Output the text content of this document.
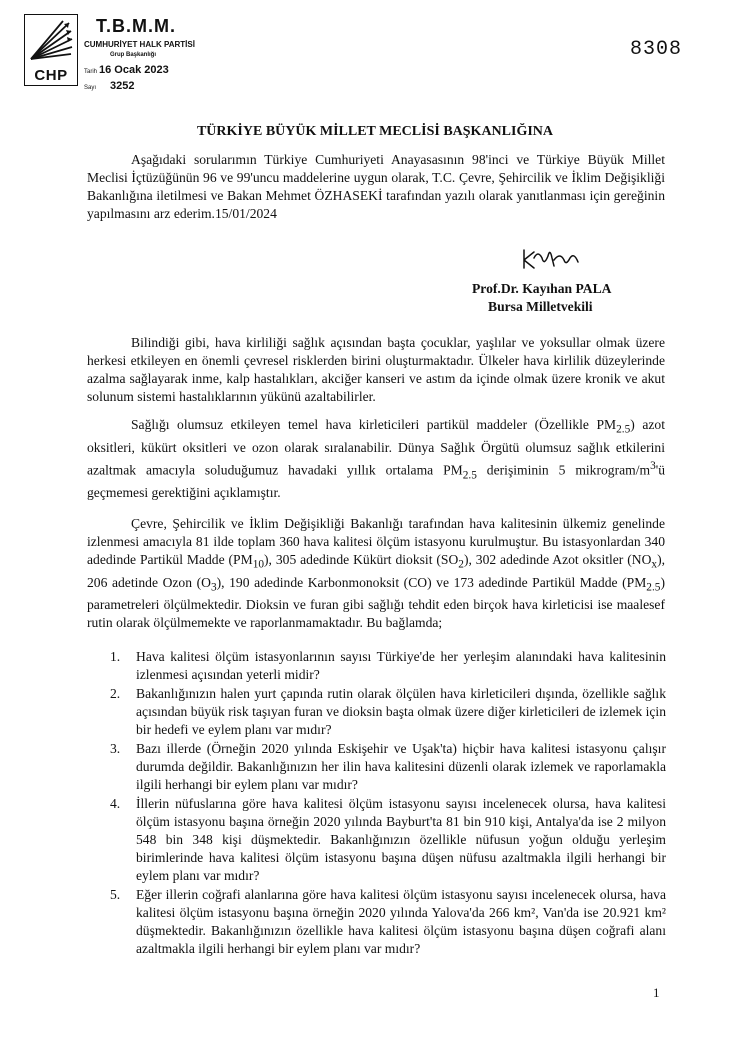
CHP
T.B.M.M.
CUMHURİYET HALK PARTİSİ
Grup Başkanlığı
Tarih 16 Ocak 2023
Sayı 3252
8308
TÜRKİYE BÜYÜK MİLLET MECLİSİ BAŞKANLIĞINA
Aşağıdaki sorularımın Türkiye Cumhuriyeti Anayasasının 98'inci ve Türkiye Büyük Millet Meclisi İçtüzüğünün 96 ve 99'uncu maddelerine uygun olarak, T.C. Çevre, Şehircilik ve İklim Değişikliği Bakanlığına iletilmesi ve Bakan Mehmet ÖZHASEKİ tarafından yazılı olarak yanıtlanması için gereğinin yapılmasını arz ederim.15/01/2024
Prof.Dr. Kayıhan PALA
Bursa Milletvekili
Bilindiği gibi, hava kirliliği sağlık açısından başta çocuklar, yaşlılar ve yoksullar olmak üzere herkesi etkileyen en önemli çevresel risklerden birini oluşturmaktadır. Ülkeler hava kirlilik düzeylerinde azalma sağlayarak inme, kalp hastalıkları, akciğer kanseri ve astım da içinde olmak üzere kronik ve akut solunum sistemi hastalıklarının yükünü azaltabilirler.
Sağlığı olumsuz etkileyen temel hava kirleticileri partikül maddeler (Özellikle $PM_{2.5}$) azot oksitleri, kükürt oksitleri ve ozon olarak sıralanabilir. Dünya Sağlık Örgütü olumsuz sağlık etkilerini azaltmak amacıyla soluduğumuz havadaki yıllık ortalama $PM_{2.5}$ derişiminin 5 mikrogram/$m^3'ü$ geçmemesi gerektiğini açıklamıştır.
Çevre, Şehircilik ve İklim Değişikliği Bakanlığı tarafından hava kalitesinin ülkemiz genelinde izlenmesi amacıyla 81 ilde toplam 360 hava kalitesi ölçüm istasyonu kurulmuştur. Bu istasyonlardan 340 adedinde Partikül Madde $(PM_{10})$, 305 adedinde Kükürt dioksit $(SO_2)$, 302 adedinde Azot oksitler $(NO_x)$, 206 adetinde Ozon $(O_3)$, 190 adedinde Karbonmonoksit (CO) ve 173 adedinde Partikül Madde $(PM_{2.5})$ parametreleri ölçülmektedir. Dioksin ve furan gibi sağlığı tehdit eden birçok hava kirleticisi ise maalesef rutin olarak ölçülmemekte ve raporlanmamaktadır. Bu bağlamda;
1. Hava kalitesi ölçüm istasyonlarının sayısı Türkiye'de her yerleşim alanındaki hava kalitesinin izlenmesi açısından yeterli midir?
2. Bakanlığınızın halen yurt çapında rutin olarak ölçülen hava kirleticileri dışında, özellikle sağlık açısından büyük risk taşıyan furan ve dioksin başta olmak üzere diğer kirleticileri de izlemek için bir hedefi ve eylem planı var mıdır?
3. Bazı illerde (Örneğin 2020 yılında Eskişehir ve Uşak'ta) hiçbir hava kalitesi istasyonu çalışır durumda değildir. Bakanlığınızın her ilin hava kalitesini düzenli olarak izlemek ve raporlamakla ilgili herhangi bir eylem planı var mıdır?
4. İllerin nüfuslarına göre hava kalitesi ölçüm istasyonu sayısı incelenecek olursa, hava kalitesi ölçüm istasyonu başına örneğin 2020 yılında Bayburt'ta 81 bin 910 kişi, Antalya'da ise 2 milyon 548 bin 348 kişi düşmektedir. Bakanlığınızın özellikle nüfusun yoğun olduğu yerleşim birimlerinde hava kalitesi ölçüm istasyonu başına düşen nüfusu azaltmakla ilgili herhangi bir eylem planı var mıdır?
5. Eğer illerin coğrafi alanlarına göre hava kalitesi ölçüm istasyonu sayısı incelenecek olursa, hava kalitesi ölçüm istasyonu başına örneğin 2020 yılında Yalova'da 266 km², Van'da ise 20.921 km² düşmektedir. Bakanlığınızın özellikle hava kalitesi ölçüm istasyonu başına düşen coğrafi alanı azaltmakla ilgili herhangi bir eylem planı var mıdır?
1
